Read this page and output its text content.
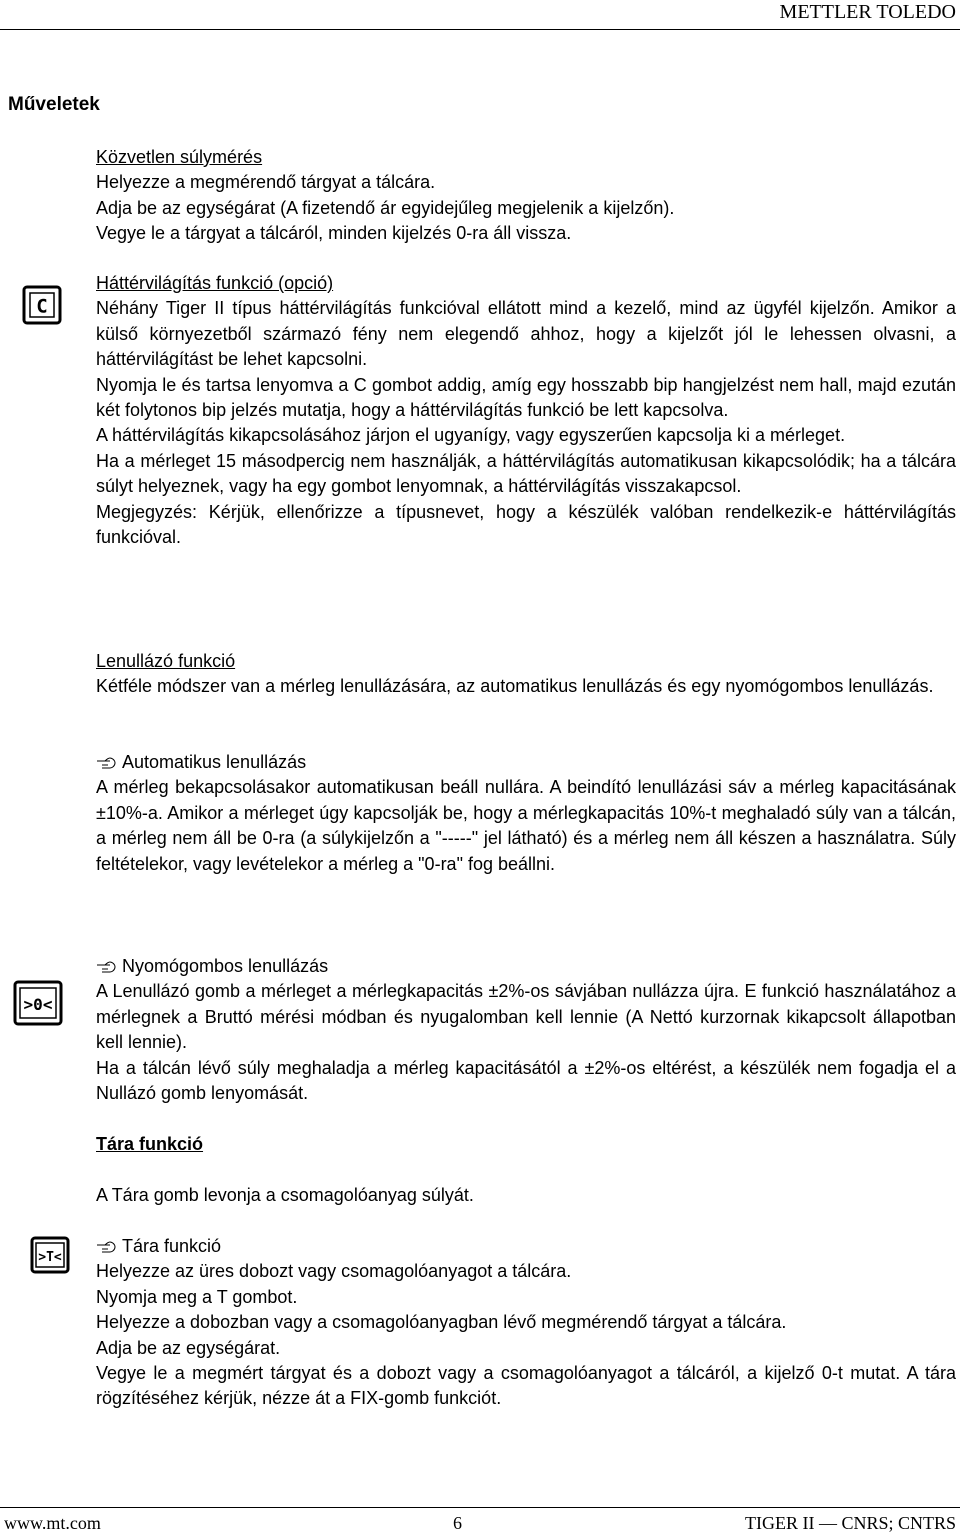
METTLER TOLEDO
Műveletek

Közvetlen súlymérés

Helyezze a megmérendő tárgyat a tálcára.

Adja be az egységárat (A fizetendő ár egyidejűleg megjelenik a kijelzőn).

Vegye le a tárgyat a tálcáról, minden kijelzés 0-ra áll vissza.

C

Háttérvilágítás funkció (opció)

Néhány Tiger II típus háttérvilágítás funkcióval ellátott mind a kezelő, mind az ügyfél kijelzőn. Amikor a külső környezetből származó fény nem elegendő ahhoz, hogy a kijelzőt jól le lehessen olvasni, a háttérvilágítást be lehet kapcsolni.

Nyomja le és tartsa lenyomva a C gombot addig, amíg egy hosszabb bip hangjelzést nem hall, majd ezután két folytonos bip jelzés mutatja, hogy a háttérvilágítás funkció be lett kapcsolva.

A háttérvilágítás kikapcsolásához járjon el ugyanígy, vagy egyszerűen kapcsolja ki a mérleget.

Ha a mérleget 15 másodpercig nem használják, a háttérvilágítás automatikusan kikapcsolódik; ha a tálcára súlyt helyeznek, vagy ha egy gombot lenyomnak, a háttérvilágítás visszakapcsol.

Megjegyzés: Kérjük, ellenőrizze a típusnevet, hogy a készülék valóban rendelkezik-e háttérvilágítás funkcióval.

Lenullázó funkció

Kétféle módszer van a mérleg lenullázására, az automatikus lenullázás és egy nyomógombos lenullázás.

Automatikus lenullázás

A mérleg bekapcsolásakor automatikusan beáll nullára. A beindító lenullázási sáv a mérleg kapacitásának ±10%-a. Amikor a mérleget úgy kapcsolják be, hogy a mérlegkapacitás 10%-t meghaladó súly van a tálcán, a mérleg nem áll be 0-ra (a súlykijelzőn a "-----" jel látható) és a mérleg nem áll készen a használatra. Súly feltételekor, vagy levételekor a mérleg a "0-ra" fog beállni.

>0<

Nyomógombos lenullázás

A Lenullázó gomb a mérleget a mérlegkapacitás ±2%-os sávjában nullázza újra. E funkció használatához a mérlegnek a Bruttó mérési módban és nyugalomban kell lennie (A Nettó kurzornak kikapcsolt állapotban kell lennie).

Ha a tálcán lévő súly meghaladja a mérleg kapacitásától a ±2%-os eltérést, a készülék nem fogadja el a Nullázó gomb lenyomását.

Tára funkció

A Tára gomb levonja a csomagolóanyag súlyát.

>T<

Tára funkció

Helyezze az üres dobozt vagy csomagolóanyagot a tálcára.

Nyomja meg a T gombot.

Helyezze a dobozban vagy a csomagolóanyagban lévő megmérendő tárgyat a tálcára.

Adja be az egységárat.

Vegye le a megmért tárgyat és a dobozt vagy a csomagolóanyagot a tálcáról, a kijelző 0-t mutat. A tára rögzítéséhez kérjük, nézze át a FIX-gomb funkciót.

www.mt.com	6	TIGER II — CNRS; CNTRS
